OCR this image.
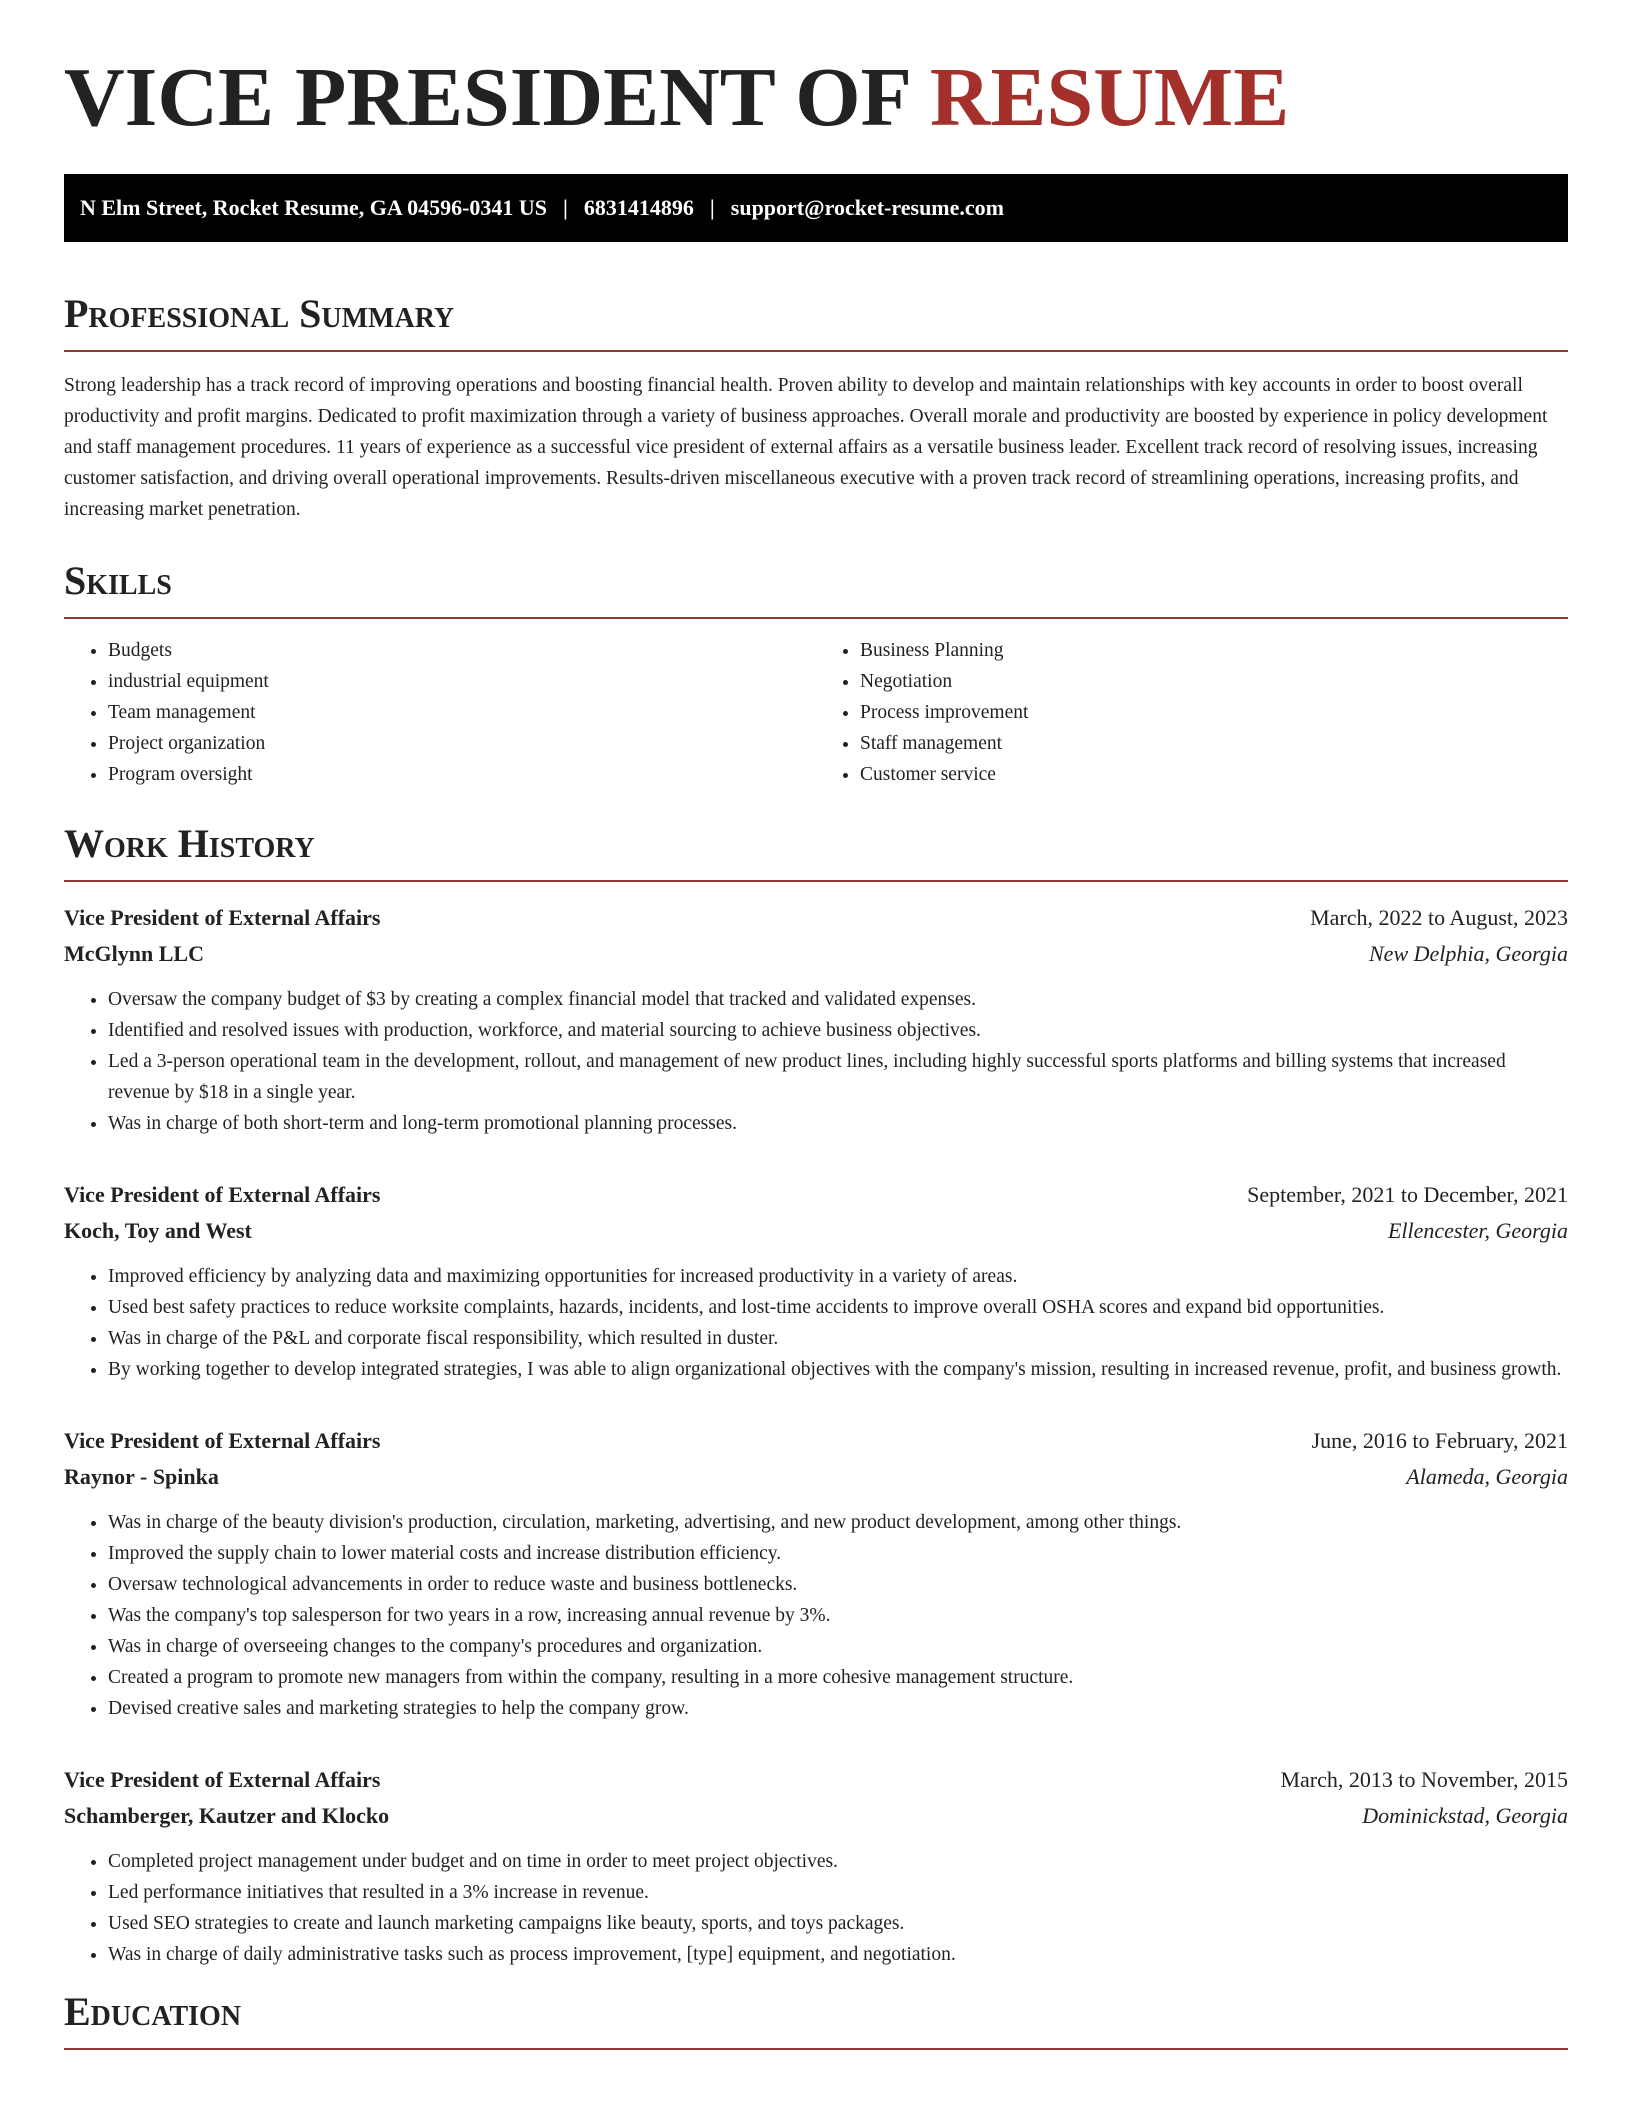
VICE PRESIDENT OF RESUME
N Elm Street, Rocket Resume, GA 04596-0341 US | 6831414896 | support@rocket-resume.com
Professional Summary

Strong leadership has a track record of improving operations and boosting financial health. Proven ability to develop and maintain relationships with key accounts in order to boost overall productivity and profit margins. Dedicated to profit maximization through a variety of business approaches. Overall morale and productivity are boosted by experience in policy development and staff management procedures. 11 years of experience as a successful vice president of external affairs as a versatile business leader. Excellent track record of resolving issues, increasing customer satisfaction, and driving overall operational improvements. Results-driven miscellaneous executive with a proven track record of streamlining operations, increasing profits, and increasing market penetration.

Skills
• Budgets
• industrial equipment
• Team management
• Project organization
• Program oversight
• Business Planning
• Negotiation
• Process improvement
• Staff management
• Customer service
Work History
Vice President of External Affairs	March, 2022 to August, 2023
McGlynn LLC	New Delphia, Georgia
• Oversaw the company budget of $3 by creating a complex financial model that tracked and validated expenses.
• Identified and resolved issues with production, workforce, and material sourcing to achieve business objectives.
• Led a 3-person operational team in the development, rollout, and management of new product lines, including highly successful sports platforms and billing systems that increased revenue by $18 in a single year.
• Was in charge of both short-term and long-term promotional planning processes.
Vice President of External Affairs	September, 2021 to December, 2021
Koch, Toy and West	Ellencester, Georgia
• Improved efficiency by analyzing data and maximizing opportunities for increased productivity in a variety of areas.
• Used best safety practices to reduce worksite complaints, hazards, incidents, and lost-time accidents to improve overall OSHA scores and expand bid opportunities.
• Was in charge of the P&L and corporate fiscal responsibility, which resulted in duster.
• By working together to develop integrated strategies, I was able to align organizational objectives with the company's mission, resulting in increased revenue, profit, and business growth.
Vice President of External Affairs	June, 2016 to February, 2021
Raynor - Spinka	Alameda, Georgia
• Was in charge of the beauty division's production, circulation, marketing, advertising, and new product development, among other things.
• Improved the supply chain to lower material costs and increase distribution efficiency.
• Oversaw technological advancements in order to reduce waste and business bottlenecks.
• Was the company's top salesperson for two years in a row, increasing annual revenue by 3%.
• Was in charge of overseeing changes to the company's procedures and organization.
• Created a program to promote new managers from within the company, resulting in a more cohesive management structure.
• Devised creative sales and marketing strategies to help the company grow.
Vice President of External Affairs	March, 2013 to November, 2015
Schamberger, Kautzer and Klocko	Dominickstad, Georgia
• Completed project management under budget and on time in order to meet project objectives.
• Led performance initiatives that resulted in a 3% increase in revenue.
• Used SEO strategies to create and launch marketing campaigns like beauty, sports, and toys packages.
• Was in charge of daily administrative tasks such as process improvement, [type] equipment, and negotiation.
Education
